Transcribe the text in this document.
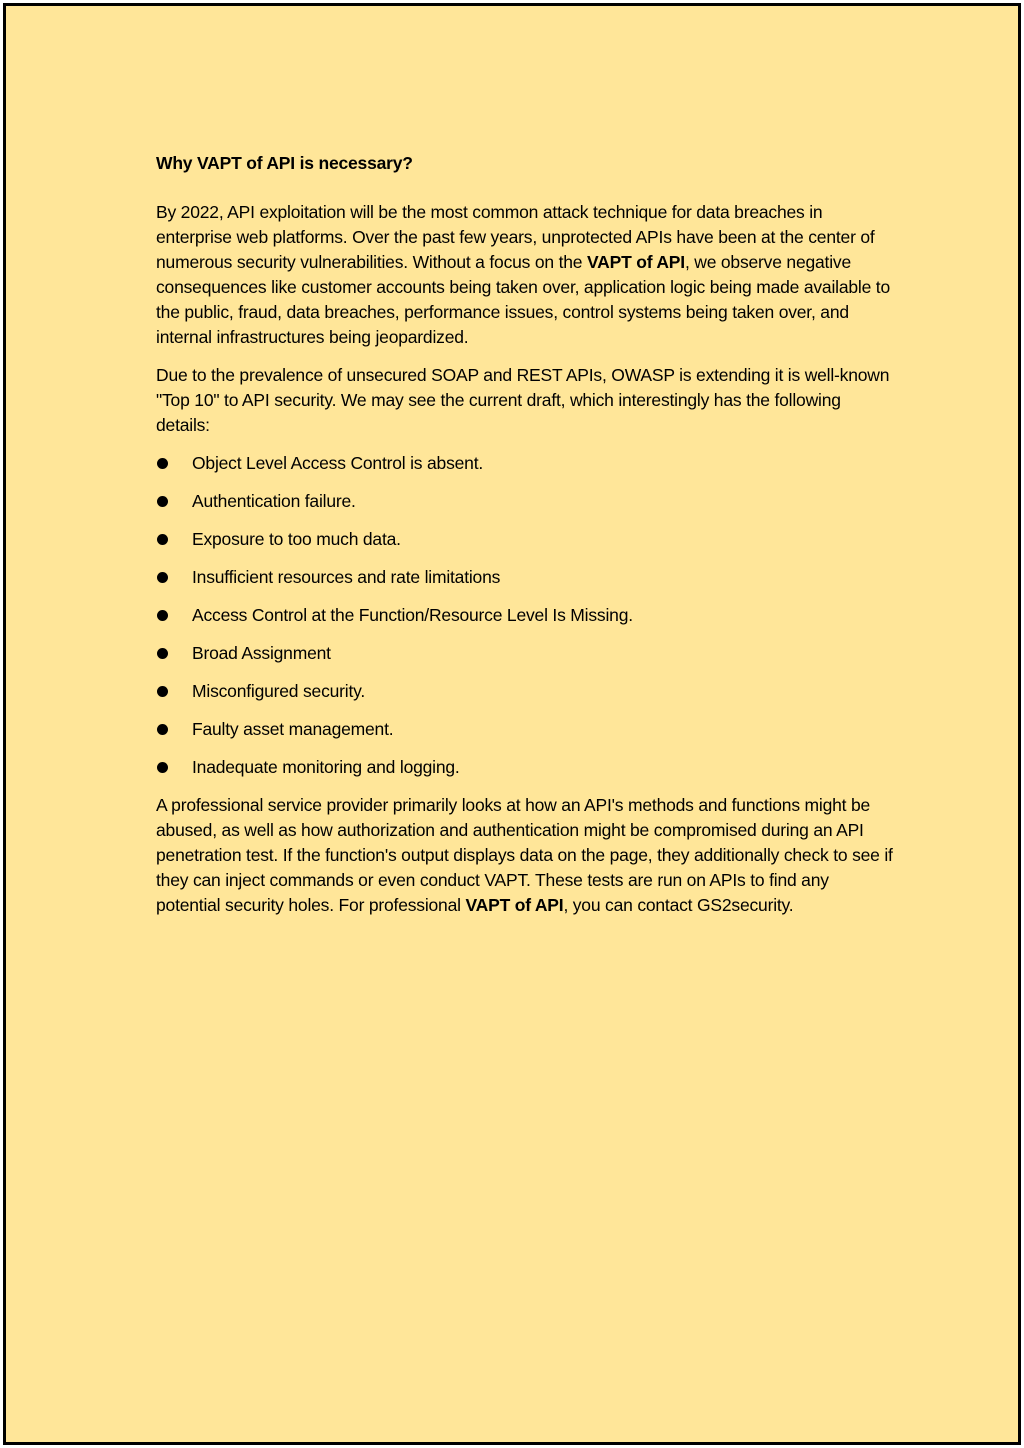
Why VAPT of API is necessary?

By 2022, API exploitation will be the most common attack technique for data breaches in enterprise web platforms. Over the past few years, unprotected APIs have been at the center of numerous security vulnerabilities. Without a focus on the VAPT of API, we observe negative consequences like customer accounts being taken over, application logic being made available to the public, fraud, data breaches, performance issues, control systems being taken over, and internal infrastructures being jeopardized.

Due to the prevalence of unsecured SOAP and REST APIs, OWASP is extending it is well-known "Top 10" to API security. We may see the current draft, which interestingly has the following details:

Object Level Access Control is absent.
Authentication failure.
Exposure to too much data.
Insufficient resources and rate limitations
Access Control at the Function/Resource Level Is Missing.
Broad Assignment
Misconfigured security.
Faulty asset management.
Inadequate monitoring and logging.

A professional service provider primarily looks at how an API's methods and functions might be abused, as well as how authorization and authentication might be compromised during an API penetration test. If the function's output displays data on the page, they additionally check to see if they can inject commands or even conduct VAPT. These tests are run on APIs to find any potential security holes. For professional VAPT of API, you can contact GS2security.
